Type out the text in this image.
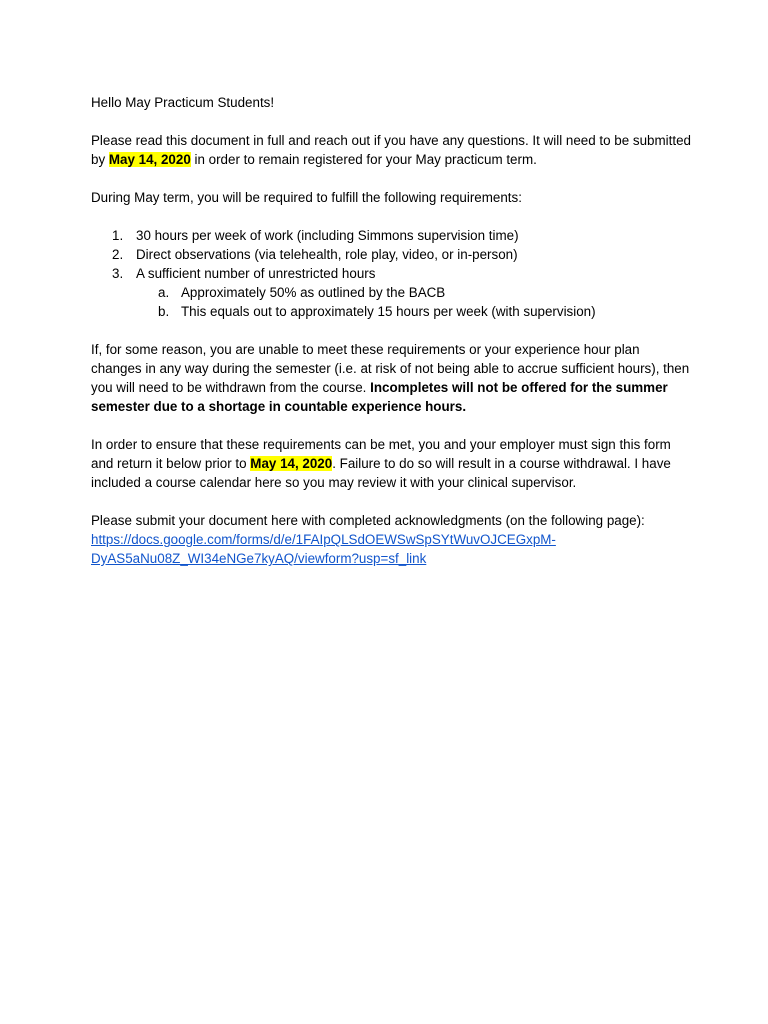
Hello May Practicum Students!

Please read this document in full and reach out if you have any questions. It will need to be submitted by May 14, 2020 in order to remain registered for your May practicum term.

During May term, you will be required to fulfill the following requirements:

1. 30 hours per week of work (including Simmons supervision time)
2. Direct observations (via telehealth, role play, video, or in-person)
3. A sufficient number of unrestricted hours
a. Approximately 50% as outlined by the BACB
b. This equals out to approximately 15 hours per week (with supervision)

If, for some reason, you are unable to meet these requirements or your experience hour plan changes in any way during the semester (i.e. at risk of not being able to accrue sufficient hours), then you will need to be withdrawn from the course. Incompletes will not be offered for the summer semester due to a shortage in countable experience hours.

In order to ensure that these requirements can be met, you and your employer must sign this form and return it below prior to May 14, 2020. Failure to do so will result in a course withdrawal. I have included a course calendar here so you may review it with your clinical supervisor.

Please submit your document here with completed acknowledgments (on the following page):

https://docs.google.com/forms/d/e/1FAIpQLSdOEWSwSpSYtWuvOJCEGxpM-
DyAS5aNu08Z_WI34eNGe7kyAQ/viewform?usp=sf_link
